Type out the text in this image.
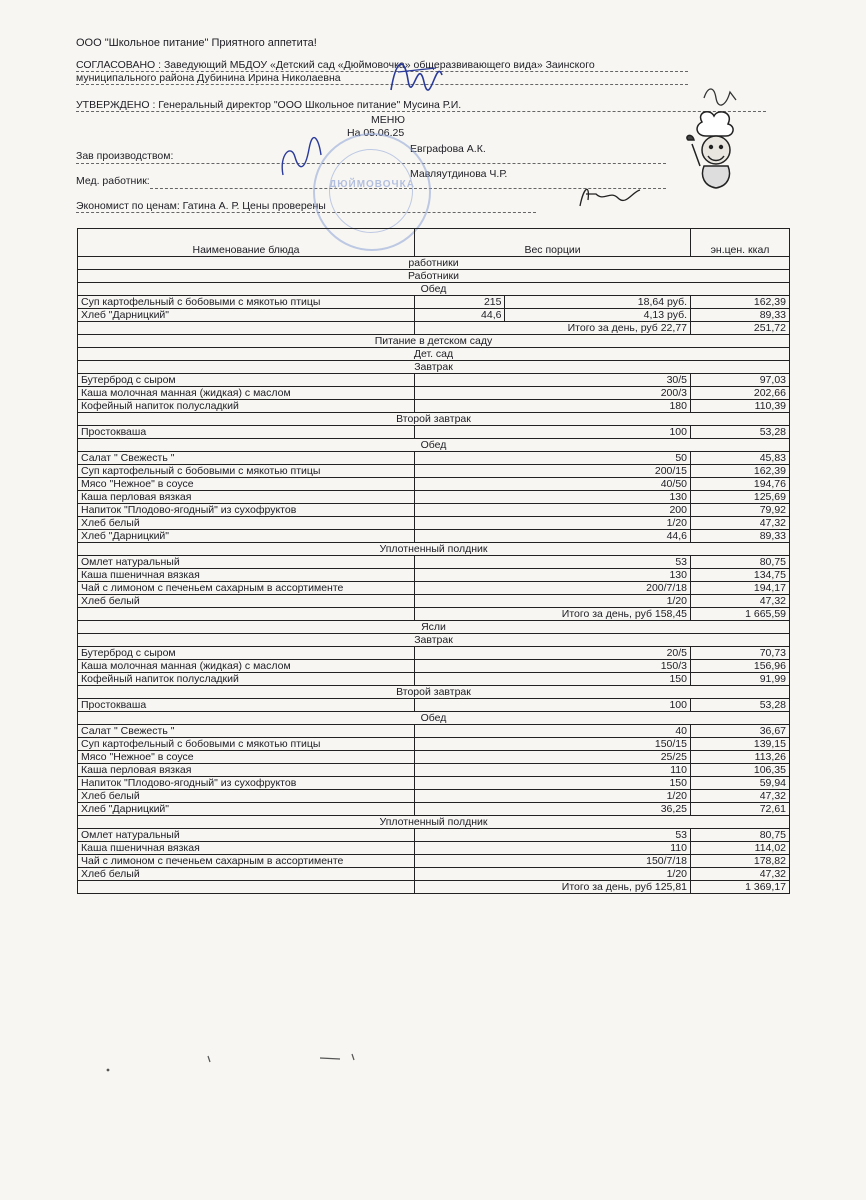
ООО "Школьное питание" Приятного аппетита!
СОГЛАСОВАНО : Заведующий МБДОУ «Детский сад «Дюймовочка» общеразвивающего вида» Заинского
муниципального района Дубинина Ирина Николаевна
УТВЕРЖДЕНО : Генеральный директор "ООО Школьное питание" Мусина Р.И.
МЕНЮ
На 05.06.25
Зав производством:
Евграфова А.К.
Мед. работник:
Мавляутдинова Ч.Р.
Экономист по ценам: Гатина А. Р. Цены проверены
ДЮЙМОВОЧКА
Наименование блюда	Вес порции		эн.цен. ккал
работники			
Работники			
Обед			
Суп картофельный с бобовыми с мякотью птицы	215	18,64 руб.	162,39
Хлеб "Дарницкий"	44,6	4,13 руб.	89,33
	Итого за день, руб 22,77		251,72
Питание в детском саду			
Дет. сад			
Завтрак			
Бутерброд с сыром	30/5		97,03
Каша молочная манная (жидкая) с маслом	200/3		202,66
Кофейный напиток полусладкий	180		110,39
Второй завтрак			
Простокваша	100		53,28
Обед			
Салат " Свежесть "	50		45,83
Суп картофельный с бобовыми с мякотью птицы	200/15		162,39
Мясо "Нежное" в соусе	40/50		194,76
Каша перловая вязкая	130		125,69
Напиток "Плодово-ягодный" из сухофруктов	200		79,92
Хлеб белый	1/20		47,32
Хлеб "Дарницкий"	44,6		89,33
Уплотненный полдник			
Омлет натуральный	53		80,75
Каша пшеничная вязкая	130		134,75
Чай с лимоном с печеньем сахарным в ассортименте	200/7/18		194,17
Хлеб белый	1/20		47,32
	Итого за день, руб 158,45		1 665,59
Ясли			
Завтрак			
Бутерброд с сыром	20/5		70,73
Каша молочная манная (жидкая) с маслом	150/3		156,96
Кофейный напиток полусладкий	150		91,99
Второй завтрак			
Простокваша	100		53,28
Обед			
Салат " Свежесть "	40		36,67
Суп картофельный с бобовыми с мякотью птицы	150/15		139,15
Мясо "Нежное" в соусе	25/25		113,26
Каша перловая вязкая	110		106,35
Напиток "Плодово-ягодный" из сухофруктов	150		59,94
Хлеб белый	1/20		47,32
Хлеб "Дарницкий"	36,25		72,61
Уплотненный полдник			
Омлет натуральный	53		80,75
Каша пшеничная вязкая	110		114,02
Чай с лимоном с печеньем сахарным в ассортименте	150/7/18		178,82
Хлеб белый	1/20		47,32
	Итого за день, руб 125,81		1 369,17
